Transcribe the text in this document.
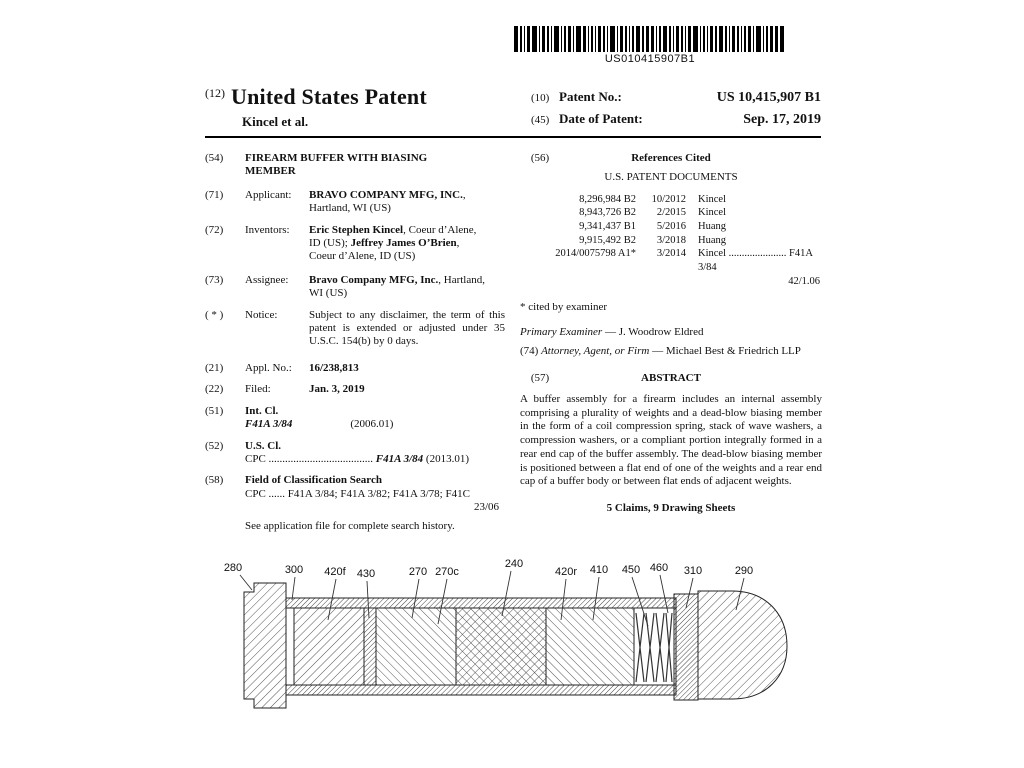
US010415907B1
(12) United States Patent
Kincel et al.
(10) Patent No.:	US 10,415,907 B1
(45) Date of Patent:	Sep. 17, 2019
(54)	FIREARM BUFFER WITH BIASING MEMBER
(71)	Applicant:	BRAVO COMPANY MFG, INC.,
Hartland, WI (US)
(72)	Inventors:	Eric Stephen Kincel, Coeur d’Alene,
ID (US); Jeffrey James O’Brien,
Coeur d’Alene, ID (US)
(73)	Assignee:	Bravo Company MFG, Inc., Hartland,
WI (US)
( * )	Notice:	Subject to any disclaimer, the term of this patent is extended or adjusted under 35 U.S.C. 154(b) by 0 days.
(21)	Appl. No.:	16/238,813
(22)	Filed:	Jan. 3, 2019
(51)	Int. Cl.
F41A 3/84	(2006.01)
(52)	U.S. Cl.
CPC ...................................... F41A 3/84 (2013.01)
(58)	Field of Classification Search
CPC ...... F41A 3/84; F41A 3/82; F41A 3/78; F41C
23/06
See application file for complete search history.
(56)	References Cited
U.S. PATENT DOCUMENTS
8,296,984 B2	10/2012	Kincel
8,943,726 B2	2/2015	Kincel
9,341,437 B1	5/2016	Huang
9,915,492 B2	3/2018	Huang
2014/0075798 A1*	3/2014	Kincel ...................... F41A 3/84
42/1.06
* cited by examiner
Primary Examiner — J. Woodrow Eldred
(74) Attorney, Agent, or Firm — Michael Best & Friedrich LLP
(57)	ABSTRACT

A buffer assembly for a firearm includes an internal assembly comprising a plurality of weights and a dead-blow biasing member in the form of a coil compression spring, stack of wave washers, a compression washers, or a compliant portion integrally formed in a rear end cap of the buffer assembly. The dead-blow biasing member is positioned between a flat end of one of the weights and a rear end cap of a buffer body or between flat ends of adjacent weights.

5 Claims, 9 Drawing Sheets
280	300 420f 430	270 270c
240
420r 410 450 460 310	290
